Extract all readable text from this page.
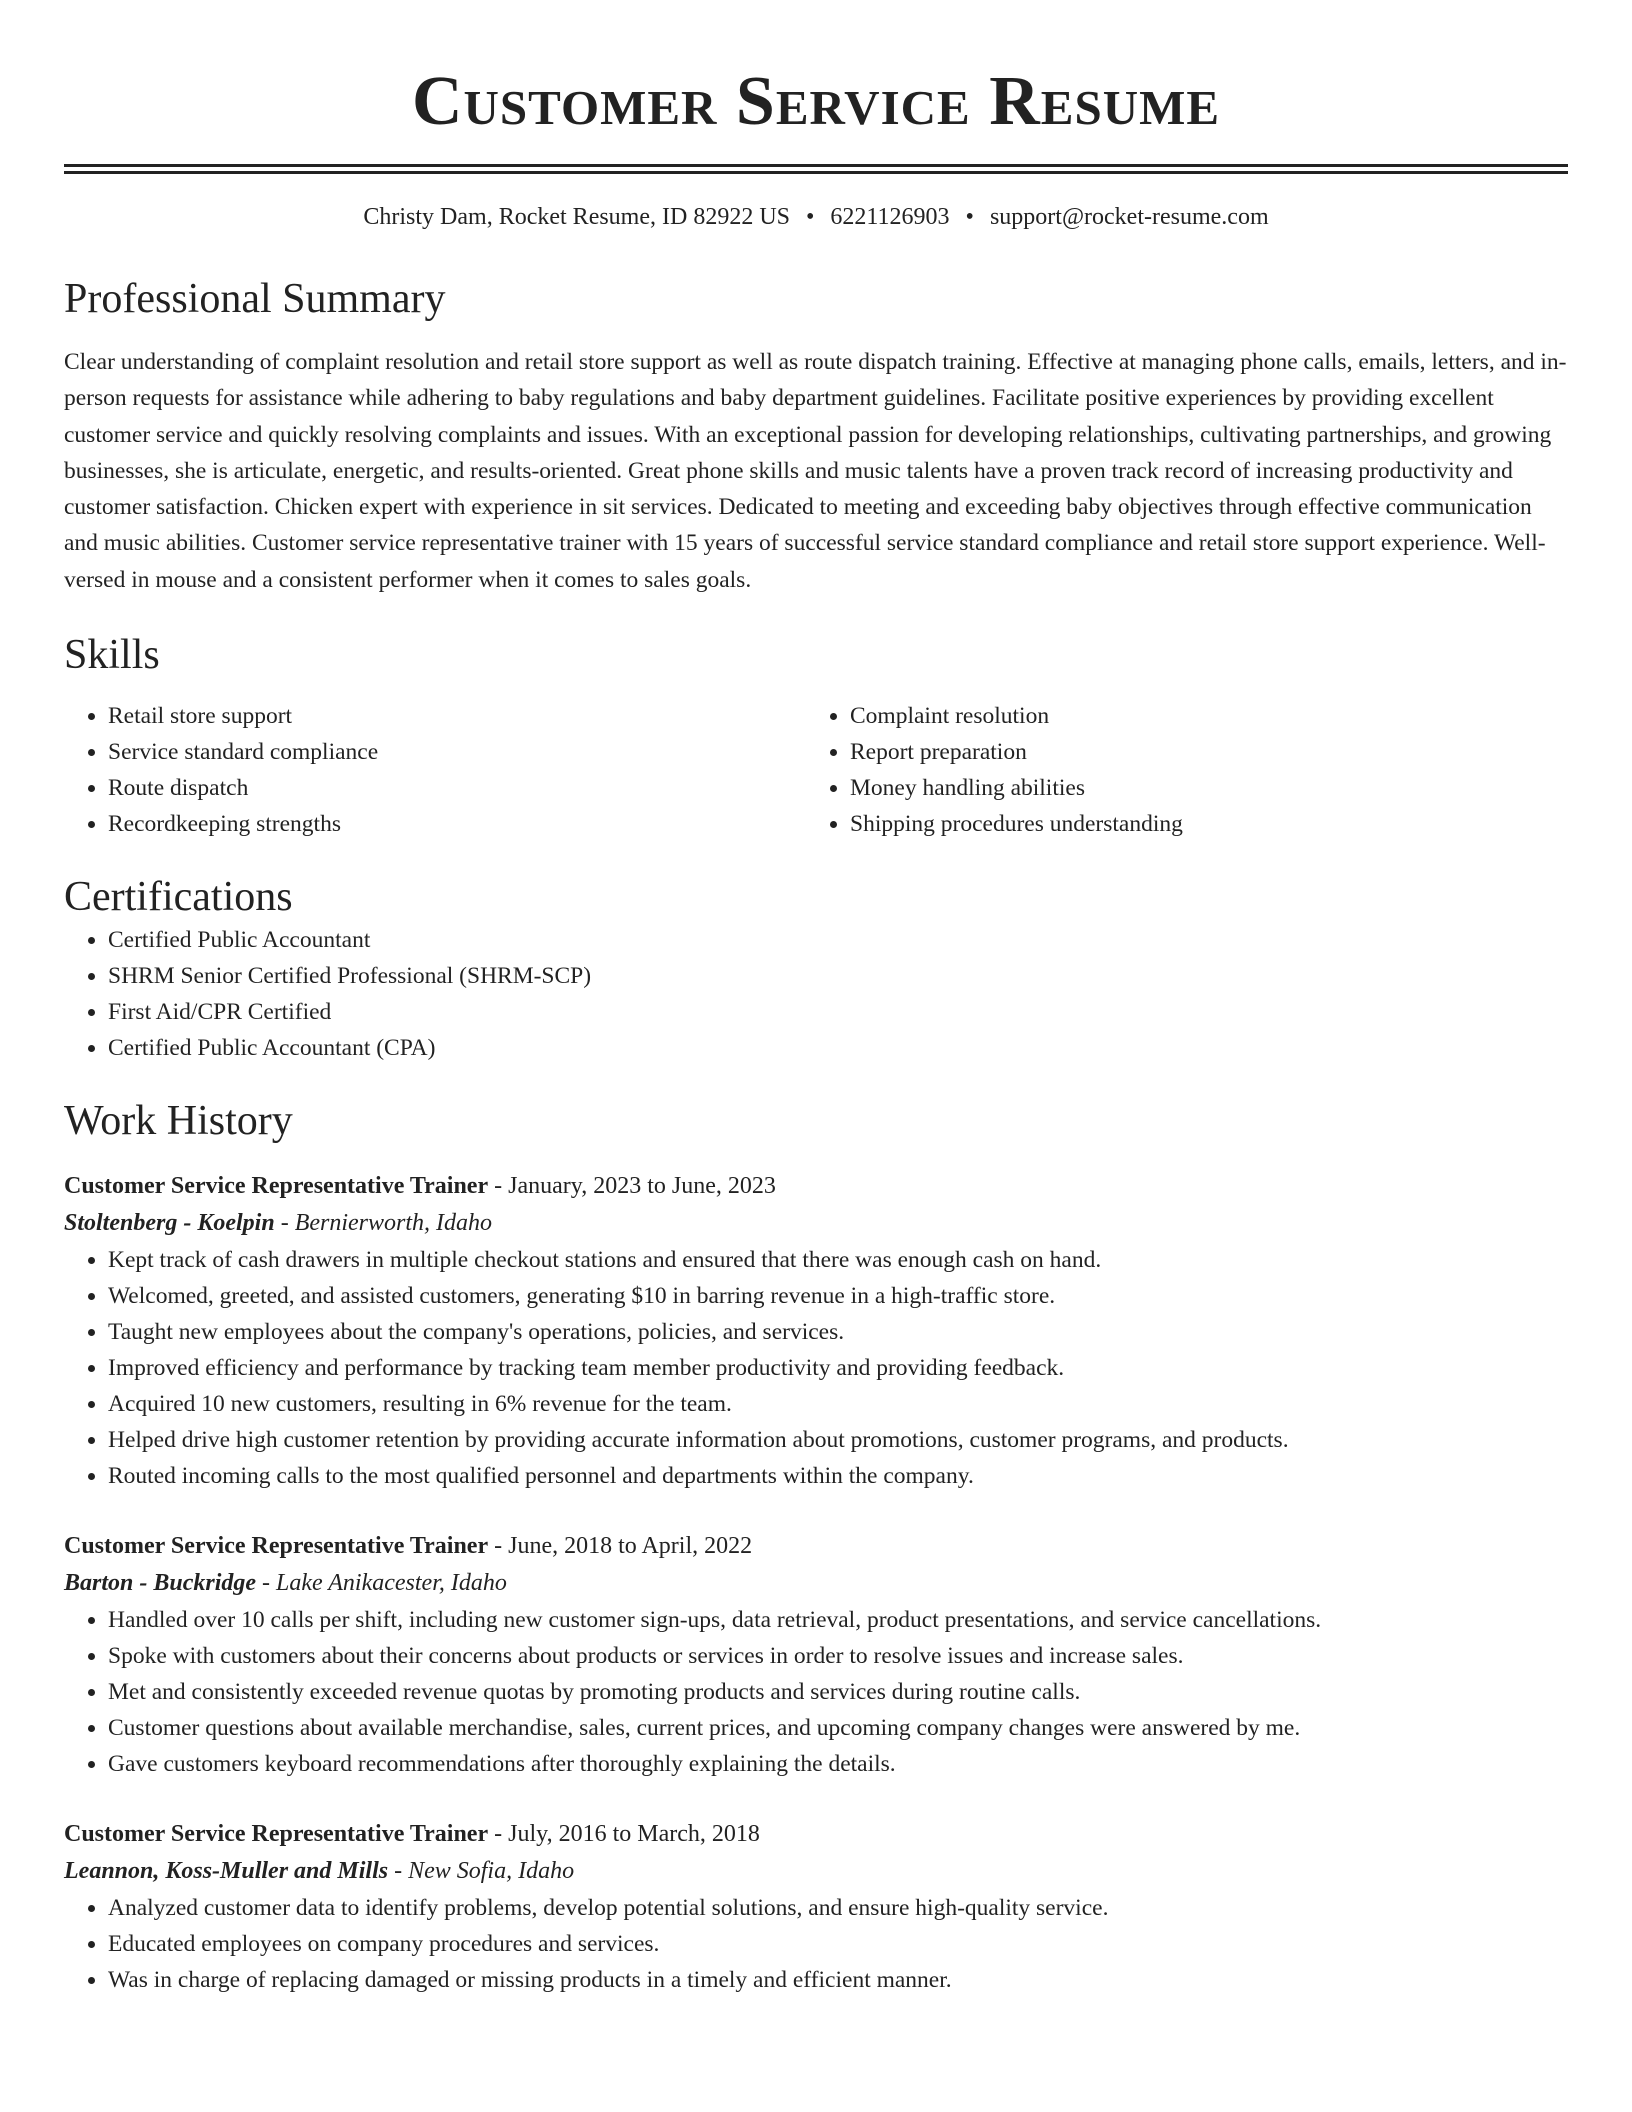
Customer Service Resume
Christy Dam, Rocket Resume, ID 82922 US • 6221126903 • support@rocket-resume.com
Professional Summary

Clear understanding of complaint resolution and retail store support as well as route dispatch training. Effective at managing phone calls, emails, letters, and in-person requests for assistance while adhering to baby regulations and baby department guidelines. Facilitate positive experiences by providing excellent customer service and quickly resolving complaints and issues. With an exceptional passion for developing relationships, cultivating partnerships, and growing businesses, she is articulate, energetic, and results-oriented. Great phone skills and music talents have a proven track record of increasing productivity and customer satisfaction. Chicken expert with experience in sit services. Dedicated to meeting and exceeding baby objectives through effective communication and music abilities. Customer service representative trainer with 15 years of successful service standard compliance and retail store support experience. Well-versed in mouse and a consistent performer when it comes to sales goals.

Skills
• Retail store support
• Service standard compliance
• Route dispatch
• Recordkeeping strengths
• Complaint resolution
• Report preparation
• Money handling abilities
• Shipping procedures understanding
Certifications
• Certified Public Accountant
• SHRM Senior Certified Professional (SHRM-SCP)
• First Aid/CPR Certified
• Certified Public Accountant (CPA)
Work History
Customer Service Representative Trainer - January, 2023 to June, 2023
Stoltenberg - Koelpin - Bernierworth, Idaho
• Kept track of cash drawers in multiple checkout stations and ensured that there was enough cash on hand.
• Welcomed, greeted, and assisted customers, generating $10 in barring revenue in a high-traffic store.
• Taught new employees about the company's operations, policies, and services.
• Improved efficiency and performance by tracking team member productivity and providing feedback.
• Acquired 10 new customers, resulting in 6% revenue for the team.
• Helped drive high customer retention by providing accurate information about promotions, customer programs, and products.
• Routed incoming calls to the most qualified personnel and departments within the company.
Customer Service Representative Trainer - June, 2018 to April, 2022
Barton - Buckridge - Lake Anikacester, Idaho
• Handled over 10 calls per shift, including new customer sign-ups, data retrieval, product presentations, and service cancellations.
• Spoke with customers about their concerns about products or services in order to resolve issues and increase sales.
• Met and consistently exceeded revenue quotas by promoting products and services during routine calls.
• Customer questions about available merchandise, sales, current prices, and upcoming company changes were answered by me.
• Gave customers keyboard recommendations after thoroughly explaining the details.
Customer Service Representative Trainer - July, 2016 to March, 2018
Leannon, Koss-Muller and Mills - New Sofia, Idaho
• Analyzed customer data to identify problems, develop potential solutions, and ensure high-quality service.
• Educated employees on company procedures and services.
• Was in charge of replacing damaged or missing products in a timely and efficient manner.
